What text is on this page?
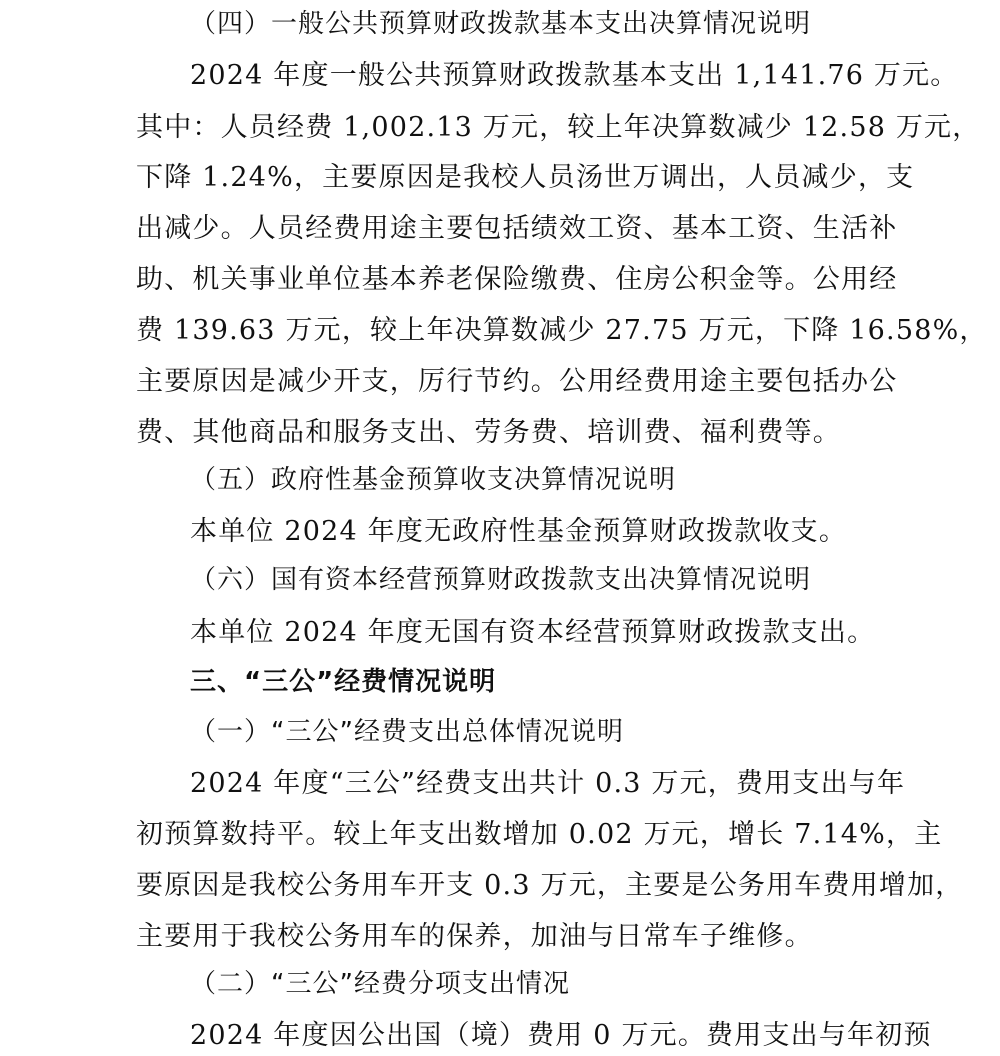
（四）一般公共预算财政拨款基本支出决算情况说明
2024 年度一般公共预算财政拨款基本支出 1,141.76 万元。
其中：人员经费 1,002.13 万元，较上年决算数减少 12.58 万元，
下降 1.24%，主要原因是我校人员汤世万调出，人员减少，支
出减少。人员经费用途主要包括绩效工资、基本工资、生活补
助、机关事业单位基本养老保险缴费、住房公积金等。公用经
费 139.63 万元，较上年决算数减少 27.75 万元，下降 16.58%，
主要原因是减少开支，厉行节约。公用经费用途主要包括办公
费、其他商品和服务支出、劳务费、培训费、福利费等。
（五）政府性基金预算收支决算情况说明
本单位 2024 年度无政府性基金预算财政拨款收支。
（六）国有资本经营预算财政拨款支出决算情况说明
本单位 2024 年度无国有资本经营预算财政拨款支出。
三、“三公”经费情况说明
（一）“三公”经费支出总体情况说明
2024 年度“三公”经费支出共计 0.3 万元，费用支出与年
初预算数持平。较上年支出数增加 0.02 万元，增长 7.14%，主
要原因是我校公务用车开支 0.3 万元，主要是公务用车费用增加，
主要用于我校公务用车的保养，加油与日常车子维修。
（二）“三公”经费分项支出情况
2024 年度因公出国（境）费用 0 万元。费用支出与年初预
